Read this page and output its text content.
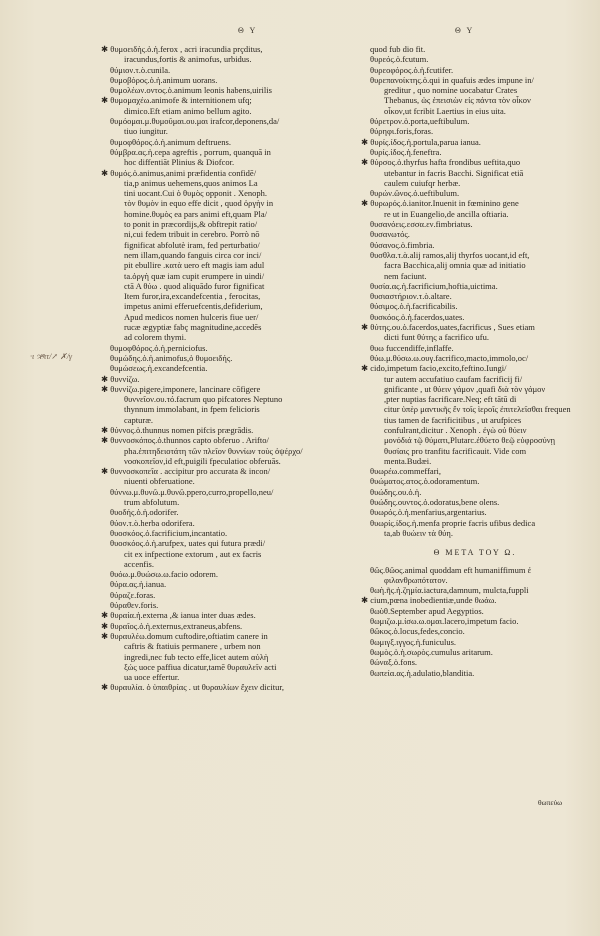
Θ Υ	Θ Υ
·ι ઋιτ/↗ ✗/γ
✱ θυμοειδὴς.ὁ.ἡ.ferox , acri iracundia prçditus,
iracundus,fortis & animofus, urbidus.
θύμιον.τ.ὸ.cunila.
θυμοβόρος.ὁ.ἡ.animum uorans.
θυμολέων.οντος.ὁ.animum leonis habens,uirilis
✱ θυμομαχέω.animofe & internitionem ufq;
dimico.Eft etiam animo bellum agito.
θυμόομαι.μ.θυμοῦμαι.ου.μαι irafcor,deponens,da/
tiuo iungitur.
θυμοφθόρος.ὁ.ἡ.animum deftruens.
θύμβρα.ας.ἡ.cepa agreftis , porrum, quanquā in
hoc diffentiāt Plinius & Diofcor.
✱ θυμός.ὁ.animus,animi præfidentia confidē/
tia,p animus uehemens,quos animos La
tini uocant.Cui ὁ θυμὸς opponit . Xenoph.
τὸν θυμὸν in equo effe dicit , quod ὀργὴν in
homine.θυμὸς ea pars animi eft,quam Pla/
to ponit in præcordijs,& obftrepit ratio/
ni,cui fedem tribuit in cerebro. Porrò nō
fignificat abfolutè iram, fed perturbatio/
nem illam,quando fanguis circa cor inci/
pit ebullire .κατὰ uero eft magis iam adul
ta.ὀργὴ quæ iam cupit erumpere in uindi/
ctā A θύω . quod aliquādo furor fignificat
Item furor,ira,excandefcentia , ferocitas,
impetus animi efferuefcentis,defiderium,
Apud medicos nomen hulceris fiue uer/
rucæ ægyptiæ fabç magnitudine,accedēs
ad colorem thymi.
θυμοφθόρος.ὁ.ἡ.perniciofus.
θυμώδης.ὁ.ἡ.animofus,ὁ θυμοειδής.
θυμώσεως.ἡ.excandefcentia.
✱ θυννίζω.
✱ θυννίζω.pigere,imponere, lancinare cōfigere
θυννεῖον.ου.τό.facrum quo pifcatores Neptuno
thynnum immolabant, in fpem felicioris
capturæ.
✱ θύννος.ὁ.thunnus nomen pifcis prægrādis.
✱ θυννοσκόπος.ὁ.thunnos capto obferuo . Arifto/
pha.ἐπιτηδειοτάτη τῶν πλεῖον θυννίων τοὺς ὀψέρχο/
νοσκοπεῖον,id eft,puigili fpeculatioc obferuās.
✱ θυννοσκοπεῖα . accipitur pro accurata & incon/
niuenti obferuatione.
θύννω.μ.θυνῶ.μ.θυνῶ.ppero,curro,propello,neu/
trum abfolutum.
θυοδής.ὁ.ἡ.odorifer.
θύον.τ.ὸ.herba odorifera.
θυοσκόος.ὁ.facrificium,incantatio.
θυοσκόος.ὁ.ἡ.arufpex, uates qui futura prædi/
cit ex infpectione extorum , aut ex facris
accenfis.
θυόω.μ.θυώσω.ω.facio odorem.
θύρα.ας.ἡ.ianua.
θύραζε.foras.
θύραθεν.foris.
✱ θυραία.ἡ.externa ,& ianua inter duas ædes.
✱ θυραῖος.ὁ.ἡ.externus,extraneus,abfens.
✱ θυραυλέω.domum cuftodire,oftiatim canere in
caftris & ftatiuis permanere , urbem non
ingredi,nec fub tecto effe,licet autem αὐλὴ
ξώς uoce paffiua dicatur,tamē θυραυλεῖν acti
ua uoce effertur.
✱ θυραυλία. ὁ ὑπαιθρίας . ut θυραυλίων ἔχειν dicitur,
quod fub dio fit.
θυρεός.ὁ.fcutum.
θυρεοφόρος.ὁ.ἡ.fcutifer.
θυρεπανοίκτης.ὁ.qui in quafuis ædes impune in/
greditur , quo nomine uocabatur Crates
Thebanus, ὡς ἐπεισιὼν εἰς πάντα τὸν οἶκον
οἶκον,ut fcribit Laertius in eius uita.
θύρετρον.ὁ.porta,ueftibulum.
θύρηφι.foris,foras.
✱ θυρίς.ίδος.ἡ.portula,parua ianua.
θυρίς.ίδος.ἡ.feneftra.
✱ θύρσος.ὁ.thyrfus hafta frondibus ueftita,quo
utebantur in facris Bacchi. Significat etiā
caulem cuiufqr herbæ.
θυρών.ῶνος.ὁ.ueftibulum.
✱ θυρωρός.ὁ.ianitor.Inuenit in fœminino gene
re ut in Euangelio,de ancilla oftiaria.
θυσανόεις.εσσα.εν.fimbriatus.
θυσανωτός.
θύσανος.ὁ.fimbria.
θυσθλα.τ.ὰ.alij ramos,alij thyrfos uocant,id eft,
facra Bacchica,alij omnia quæ ad initiatio
nem faciunt.
θυσία.ας.ἡ.facrificium,hoftia,uictima.
θυσιαστήριον.τ.ὸ.altare.
θύσιμος.ὁ.ἡ.facrificabilis.
θυσκόος.ὁ.ἡ.facerdos,uates.
✱ θύτης.ου.ὁ.facerdos,uates,facrificus , Sues etiam
dicti funt θύτης a facrifico ufu.
θυω fuccendiffe,inflaffe.
θύω.μ.θύσω.ω.ουγ.facrifico,macto,immolo,oc/
✱ cido,impetum facio,excito,feftino.Iungi/
tur autem accufatiuo caufam facrificij fi/
gnificante , ut θύειν γάμον ,quafi διὰ τὸν γάμον
,pter nuptias facrificare.Neq; eft tātū di
citur ὑπὲρ μαντικῆς ἔν τοῖς ἱεροῖς ἐπιτελεῖσθαι frequen
tius tamen de facrificitibus , ut arufpices
confulrant,dicitur . Xenoph . ἐγὼ οὐ θύειν
μονόδιά τῷ θύματι,Plutarc.ἐθύετο θεῷ εὐφροσύνῃ
θυσίαις pro tranfitu facrificauit. Vide com
menta.Budæi.
θυωρέω.commeffari,
θυώματος.ατος.ὁ.odoramentum.
θυώδης.ου.ὁ.ἡ.
θυώδης.ουντος.ὁ.odoratus,bene olens.
θυωρός.ὁ.ἡ.menfarius,argentarius.
θυωρίς.ίδος.ἡ.menfa proprie facris ufibus dedica
ta,ab θυώειν τὰ θύη.
Θ ΜΕΤΑ ΤΟΥ Ω.
θῶς.θῶος.animal quoddam eft humaniffimum ἐ
φιλανθρωπότατον.
θωὴ.ῆς.ἡ.ζημία.iactura,damnum, mulcta,fuppli
✱ cium,pœna inobedientiæ,unde θωάω.
θωὺθ.September apud Aegyptios.
θωμιζω.μ.ίσω.ω.ομαι.lacero,impetum facio.
θῶκος.ὁ.locus,fedes,concio.
θωμιγξ.ιγγος.ἡ.funiculus.
θωμὸς.ὁ.ἡ.σωρὸς.cumulus aritarum.
θώναξ.ὁ.fons.
θωπεία.ας.ἡ.adulatio,blanditia.
θωπεύω
